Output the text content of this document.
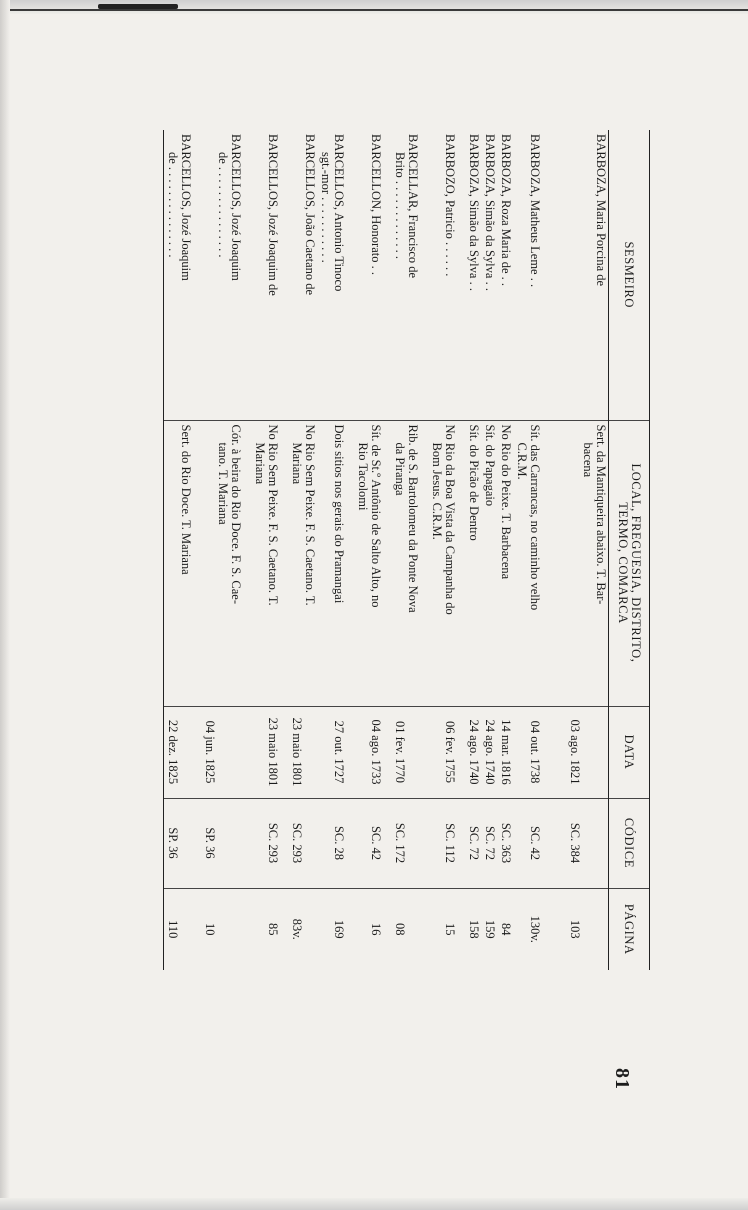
81
SESMEIRO	LOCAL, FREGUESIA, DISTRITO,
TERMO, COMARCA	DATA	CÓDICE	PÁGINA

BARBOZA, Maria Porcina de	Sert. da Mantiqueira abaixo. T. Bar-
bacena	03 ago. 1821	SC. 384	103

BARBOZA, Matheus Leme . .	Sít. das Carrancas, no caminho velho
C.R.M.	04 out. 1738	SC. 42	130v.

BARBOZA, Roza Maria de . .	No Rio do Peixe. T. Barbacena	14 mar. 1816	SC. 363	84

BARBOZA, Simão da Sylva . .	Sít. do Papagaio	24 ago. 1740	SC. 72	159

BARBOZA, Simão da Sylva . .	Sít. do Picão de Dentro	24 ago. 1740	SC. 72	158

BARBOZO, Patricio . . . . . .	No Rio da Boa Vista da Campanha do
Bom Jesus. C.R.M.	06 fev. 1755	SC. 112	15

BARCELLAR, Francisco de
Brito . . . . . . . . . . . . .	Rib. de S. Bartolomeu da Ponte Nova
da Piranga	01 fev. 1770	SC. 172	08

BARCELLON, Honorato . .	Sít. de St.º Antônio de Salto Alto, no
Rio Tacolomi	04 ago. 1733	SC. 42	16

BARCELLOS, Antonio Tinoco
sgt.-mor . . . . . . . . . . .	Dois sitios nos gerais do Pramangai	27 out. 1727	SC. 28	169

BARCELLOS, João Caetano de	No Rio Sem Peixe. F. S. Caetano. T.
Mariana	23 maio 1801	SC. 293	83v.

BARCELLOS, Jozé Joaquim de	No Rio Sem Peixe. F. S. Caetano. T.
Mariana	23 maio 1801	SC. 293	85

BARCELLOS, Jozé Joaquim
de . . . . . . . . . . . . . . .	Cór. à beira do Rio Doce. F. S. Cae-
tano. T. Mariana	04 jun. 1825	SP. 36	10

BARCELLOS, Jozé Joaquim
de . . . . . . . . . . . . . . .	Sert. do Rio Doce. T. Mariana	22 dez. 1825	SP. 36	110
